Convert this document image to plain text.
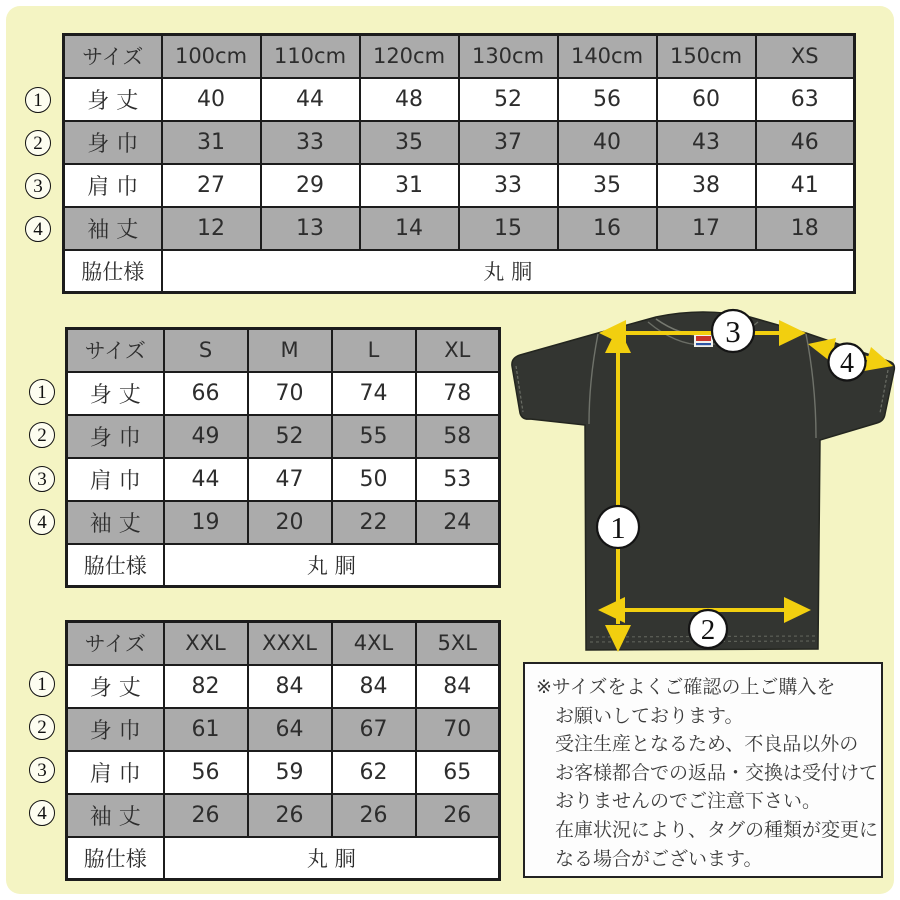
サイズ	100cm	110cm	120cm	130cm	140cm	150cm	XS
身 丈	40	44	48	52	56	60	63
身 巾	31	33	35	37	40	43	46
肩 巾	27	29	31	33	35	38	41
袖 丈	12	13	14	15	16	17	18
脇仕様	丸 胴						
サイズ	S	M	L	XL
身 丈	66	70	74	78
身 巾	49	52	55	58
肩 巾	44	47	50	53
袖 丈	19	20	22	24
脇仕様	丸 胴			
サイズ	XXL	XXXL	4XL	5XL
身 丈	82	84	84	84
身 巾	61	64	67	70
肩 巾	56	59	62	65
袖 丈	26	26	26	26
脇仕様	丸 胴			
3
4
1
2
※サイズをよくご確認の上ご購入を
お願いしております。
受注生産となるため、不良品以外の
お客様都合での返品・交換は受付けて
おりませんのでご注意下さい。
在庫状況により、タグの種類が変更に
なる場合がございます。
1
2
3
4
1
2
3
4
1
2
3
4
